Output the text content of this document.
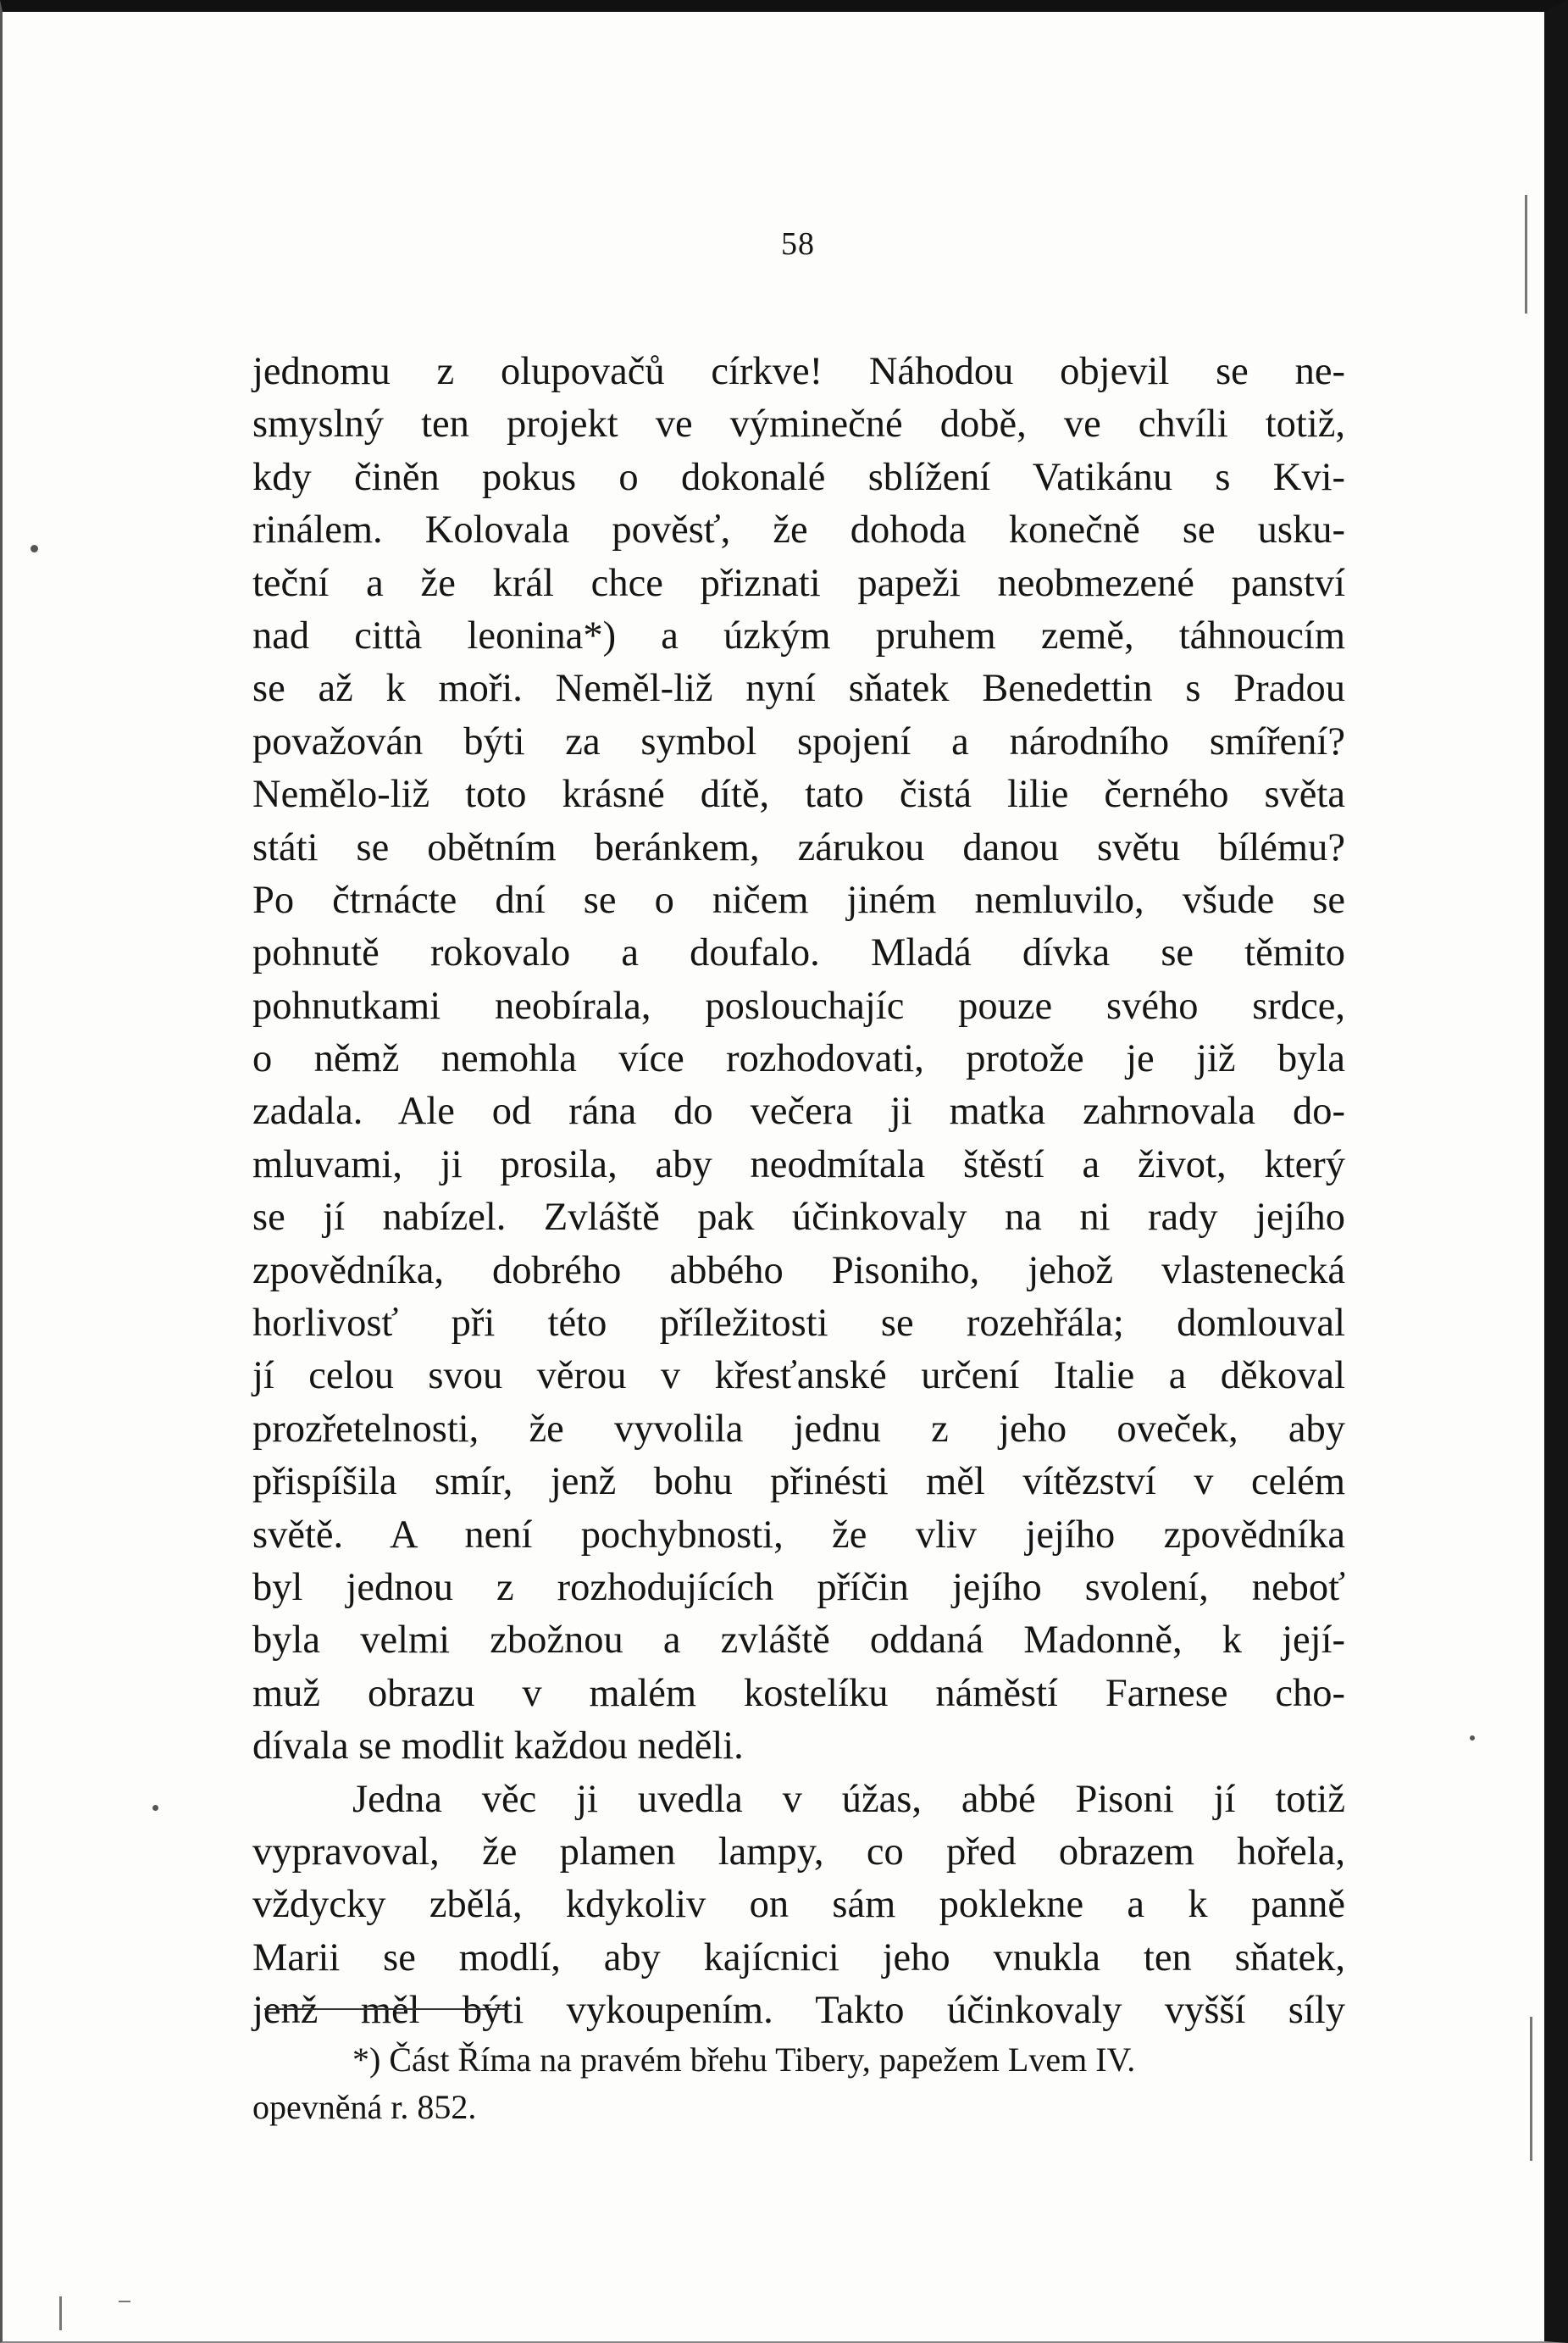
58
jednomu z olupovačů církve! Náhodou objevil se ne-
smyslný ten projekt ve výminečné době, ve chvíli totiž,
kdy činěn pokus o dokonalé sblížení Vatikánu s Kvi-
rinálem. Kolovala pověsť, že dohoda konečně se usku-
teční a že král chce přiznati papeži neobmezené panství
nad città leonina*) a úzkým pruhem země, táhnoucím
se až k moři. Neměl-liž nyní sňatek Benedettin s Pradou
považován býti za symbol spojení a národního smíření?
Nemělo-liž toto krásné dítě, tato čistá lilie černého světa
státi se obětním beránkem, zárukou danou světu bílému?
Po čtrnácte dní se o ničem jiném nemluvilo, všude se
pohnutě rokovalo a doufalo. Mladá dívka se těmito
pohnutkami neobírala, poslouchajíc pouze svého srdce,
o němž nemohla více rozhodovati, protože je již byla
zadala. Ale od rána do večera ji matka zahrnovala do-
mluvami, ji prosila, aby neodmítala štěstí a život, který
se jí nabízel. Zvláště pak účinkovaly na ni rady jejího
zpovědníka, dobrého abbého Pisoniho, jehož vlastenecká
horlivosť při této příležitosti se rozehřála; domlouval
jí celou svou věrou v křesťanské určení Italie a děkoval
prozřetelnosti, že vyvolila jednu z jeho oveček, aby
přispíšila smír, jenž bohu přinésti měl vítězství v celém
světě. A není pochybnosti, že vliv jejího zpovědníka
byl jednou z rozhodujících příčin jejího svolení, neboť
byla velmi zbožnou a zvláště oddaná Madonně, k její-
muž obrazu v malém kostelíku náměstí Farnese cho-
dívala se modlit každou neděli.
Jedna věc ji uvedla v úžas, abbé Pisoni jí totiž
vypravoval, že plamen lampy, co před obrazem hořela,
vždycky zbělá, kdykoliv on sám poklekne a k panně
Marii se modlí, aby kajícnici jeho vnukla ten sňatek,
jenž měl býti vykoupením. Takto účinkovaly vyšší síly
*) Část Říma na pravém břehu Tibery, papežem Lvem IV.
opevněná r. 852.
